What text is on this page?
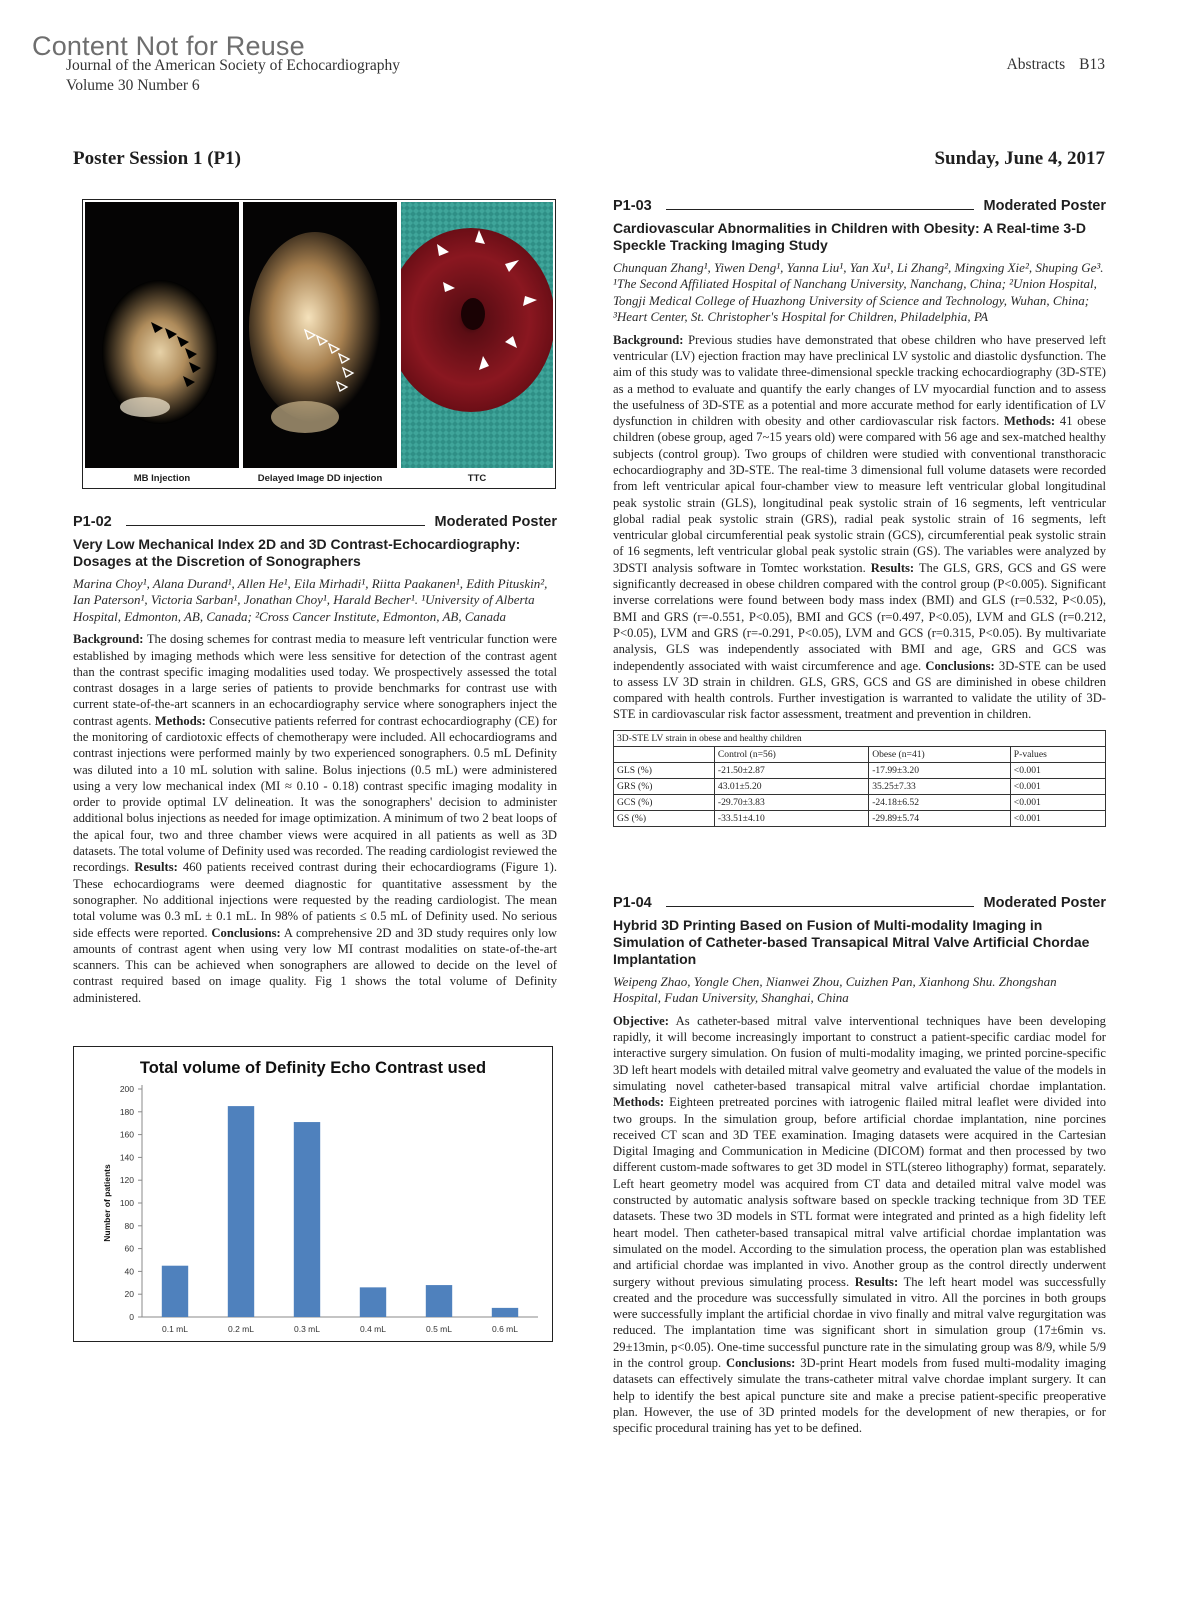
Content Not for Reuse
Journal of the American Society of Echocardiography
Volume 30 Number 6
Abstracts B13
Poster Session 1 (P1)	Sunday, June 4, 2017
MB Injection	Delayed Image DD injection	TTC
P1-02	Moderated Poster
Very Low Mechanical Index 2D and 3D Contrast-Echocardiography: Dosages at the Discretion of Sonographers
Marina Choy¹, Alana Durand¹, Allen He¹, Eila Mirhadi¹, Riitta Paakanen¹, Edith Pituskin², Ian Paterson¹, Victoria Sarban¹, Jonathan Choy¹, Harald Becher¹. ¹University of Alberta Hospital, Edmonton, AB, Canada; ²Cross Cancer Institute, Edmonton, AB, Canada
Background: The dosing schemes for contrast media to measure left ventricular function were established by imaging methods which were less sensitive for detection of the contrast agent than the contrast specific imaging modalities used today. We prospectively assessed the total contrast dosages in a large series of patients to provide benchmarks for contrast use with current state-of-the-art scanners in an echocardiography service where sonographers inject the contrast agents. Methods: Consecutive patients referred for contrast echocardiography (CE) for the monitoring of cardiotoxic effects of chemotherapy were included. All echocardiograms and contrast injections were performed mainly by two experienced sonographers. 0.5 mL Definity was diluted into a 10 mL solution with saline. Bolus injections (0.5 mL) were administered using a very low mechanical index (MI ≈ 0.10 - 0.18) contrast specific imaging modality in order to provide optimal LV delineation. It was the sonographers' decision to administer additional bolus injections as needed for image optimization. A minimum of two 2 beat loops of the apical four, two and three chamber views were acquired in all patients as well as 3D datasets. The total volume of Definity used was recorded. The reading cardiologist reviewed the recordings. Results: 460 patients received contrast during their echocardiograms (Figure 1). These echocardiograms were deemed diagnostic for quantitative assessment by the sonographer. No additional injections were requested by the reading cardiologist. The mean total volume was 0.3 mL ± 0.1 mL. In 98% of patients ≤ 0.5 mL of Definity used. No serious side effects were reported. Conclusions: A comprehensive 2D and 3D study requires only low amounts of contrast agent when using very low MI contrast modalities on state-of-the-art scanners. This can be achieved when sonographers are allowed to decide on the level of contrast required based on image quality. Fig 1 shows the total volume of Definity administered.
Total volume of Definity Echo Contrast used
Number of patients
0
20
40
60
80
100
120
140
160
180
200
0.1 mL	0.2 mL	0.3 mL	0.4 mL	0.5 mL	0.6 mL
P1-03	Moderated Poster
Cardiovascular Abnormalities in Children with Obesity: A Real-time 3-D Speckle Tracking Imaging Study
Chunquan Zhang¹, Yiwen Deng¹, Yanna Liu¹, Yan Xu¹, Li Zhang², Mingxing Xie², Shuping Ge³. ¹The Second Affiliated Hospital of Nanchang University, Nanchang, China; ²Union Hospital, Tongji Medical College of Huazhong University of Science and Technology, Wuhan, China; ³Heart Center, St. Christopher's Hospital for Children, Philadelphia, PA
Background: Previous studies have demonstrated that obese children who have preserved left ventricular (LV) ejection fraction may have preclinical LV systolic and diastolic dysfunction. The aim of this study was to validate three-dimensional speckle tracking echocardiography (3D-STE) as a method to evaluate and quantify the early changes of LV myocardial function and to assess the usefulness of 3D-STE as a potential and more accurate method for early identification of LV dysfunction in children with obesity and other cardiovascular risk factors. Methods: 41 obese children (obese group, aged 7~15 years old) were compared with 56 age and sex-matched healthy subjects (control group). Two groups of children were studied with conventional transthoracic echocardiography and 3D-STE. The real-time 3 dimensional full volume datasets were recorded from left ventricular apical four-chamber view to measure left ventricular global longitudinal peak systolic strain (GLS), longitudinal peak systolic strain of 16 segments, left ventricular global radial peak systolic strain (GRS), radial peak systolic strain of 16 segments, left ventricular global circumferential peak systolic strain (GCS), circumferential peak systolic strain of 16 segments, left ventricular global peak systolic strain (GS). The variables were analyzed by 3DSTI analysis software in Tomtec workstation. Results: The GLS, GRS, GCS and GS were significantly decreased in obese children compared with the control group (P<0.005). Significant inverse correlations were found between body mass index (BMI) and GLS (r=0.532, P<0.05), BMI and GRS (r=-0.551, P<0.05), BMI and GCS (r=0.497, P<0.05), LVM and GLS (r=0.212, P<0.05), LVM and GRS (r=-0.291, P<0.05), LVM and GCS (r=0.315, P<0.05). By multivariate analysis, GLS was independently associated with BMI and age, GRS and GCS was independently associated with waist circumference and age. Conclusions: 3D-STE can be used to assess LV 3D strain in children. GLS, GRS, GCS and GS are diminished in obese children compared with health controls. Further investigation is warranted to validate the utility of 3D-STE in cardiovascular risk factor assessment, treatment and prevention in children.
3D-STE LV strain in obese and healthy children			
	Control (n=56)	Obese (n=41)	P-values
GLS (%)	-21.50±2.87	-17.99±3.20	<0.001
GRS (%)	43.01±5.20	35.25±7.33	<0.001
GCS (%)	-29.70±3.83	-24.18±6.52	<0.001
GS (%)	-33.51±4.10	-29.89±5.74	<0.001
P1-04	Moderated Poster
Hybrid 3D Printing Based on Fusion of Multi-modality Imaging in Simulation of Catheter-based Transapical Mitral Valve Artificial Chordae Implantation
Weipeng Zhao, Yongle Chen, Nianwei Zhou, Cuizhen Pan, Xianhong Shu. Zhongshan Hospital, Fudan University, Shanghai, China
Objective: As catheter-based mitral valve interventional techniques have been developing rapidly, it will become increasingly important to construct a patient-specific cardiac model for interactive surgery simulation. On fusion of multi-modality imaging, we printed porcine-specific 3D left heart models with detailed mitral valve geometry and evaluated the value of the models in simulating novel catheter-based transapical mitral valve artificial chordae implantation. Methods: Eighteen pretreated porcines with iatrogenic flailed mitral leaflet were divided into two groups. In the simulation group, before artificial chordae implantation, nine porcines received CT scan and 3D TEE examination. Imaging datasets were acquired in the Cartesian Digital Imaging and Communication in Medicine (DICOM) format and then processed by two different custom-made softwares to get 3D model in STL(stereo lithography) format, separately. Left heart geometry model was acquired from CT data and detailed mitral valve model was constructed by automatic analysis software based on speckle tracking technique from 3D TEE datasets. These two 3D models in STL format were integrated and printed as a high fidelity left heart model. Then catheter-based transapical mitral valve artificial chordae implantation was simulated on the model. According to the simulation process, the operation plan was established and artificial chordae was implanted in vivo. Another group as the control directly underwent surgery without previous simulating process. Results: The left heart model was successfully created and the procedure was successfully simulated in vitro. All the porcines in both groups were successfully implant the artificial chordae in vivo finally and mitral valve regurgitation was reduced. The implantation time was significant short in simulation group (17±6min vs. 29±13min, p<0.05). One-time successful puncture rate in the simulating group was 8/9, while 5/9 in the control group. Conclusions: 3D-print Heart models from fused multi-modality imaging datasets can effectively simulate the trans-catheter mitral valve chordae implant surgery. It can help to identify the best apical puncture site and make a precise patient-specific preoperative plan. However, the use of 3D printed models for the development of new therapies, or for specific procedural training has yet to be defined.
